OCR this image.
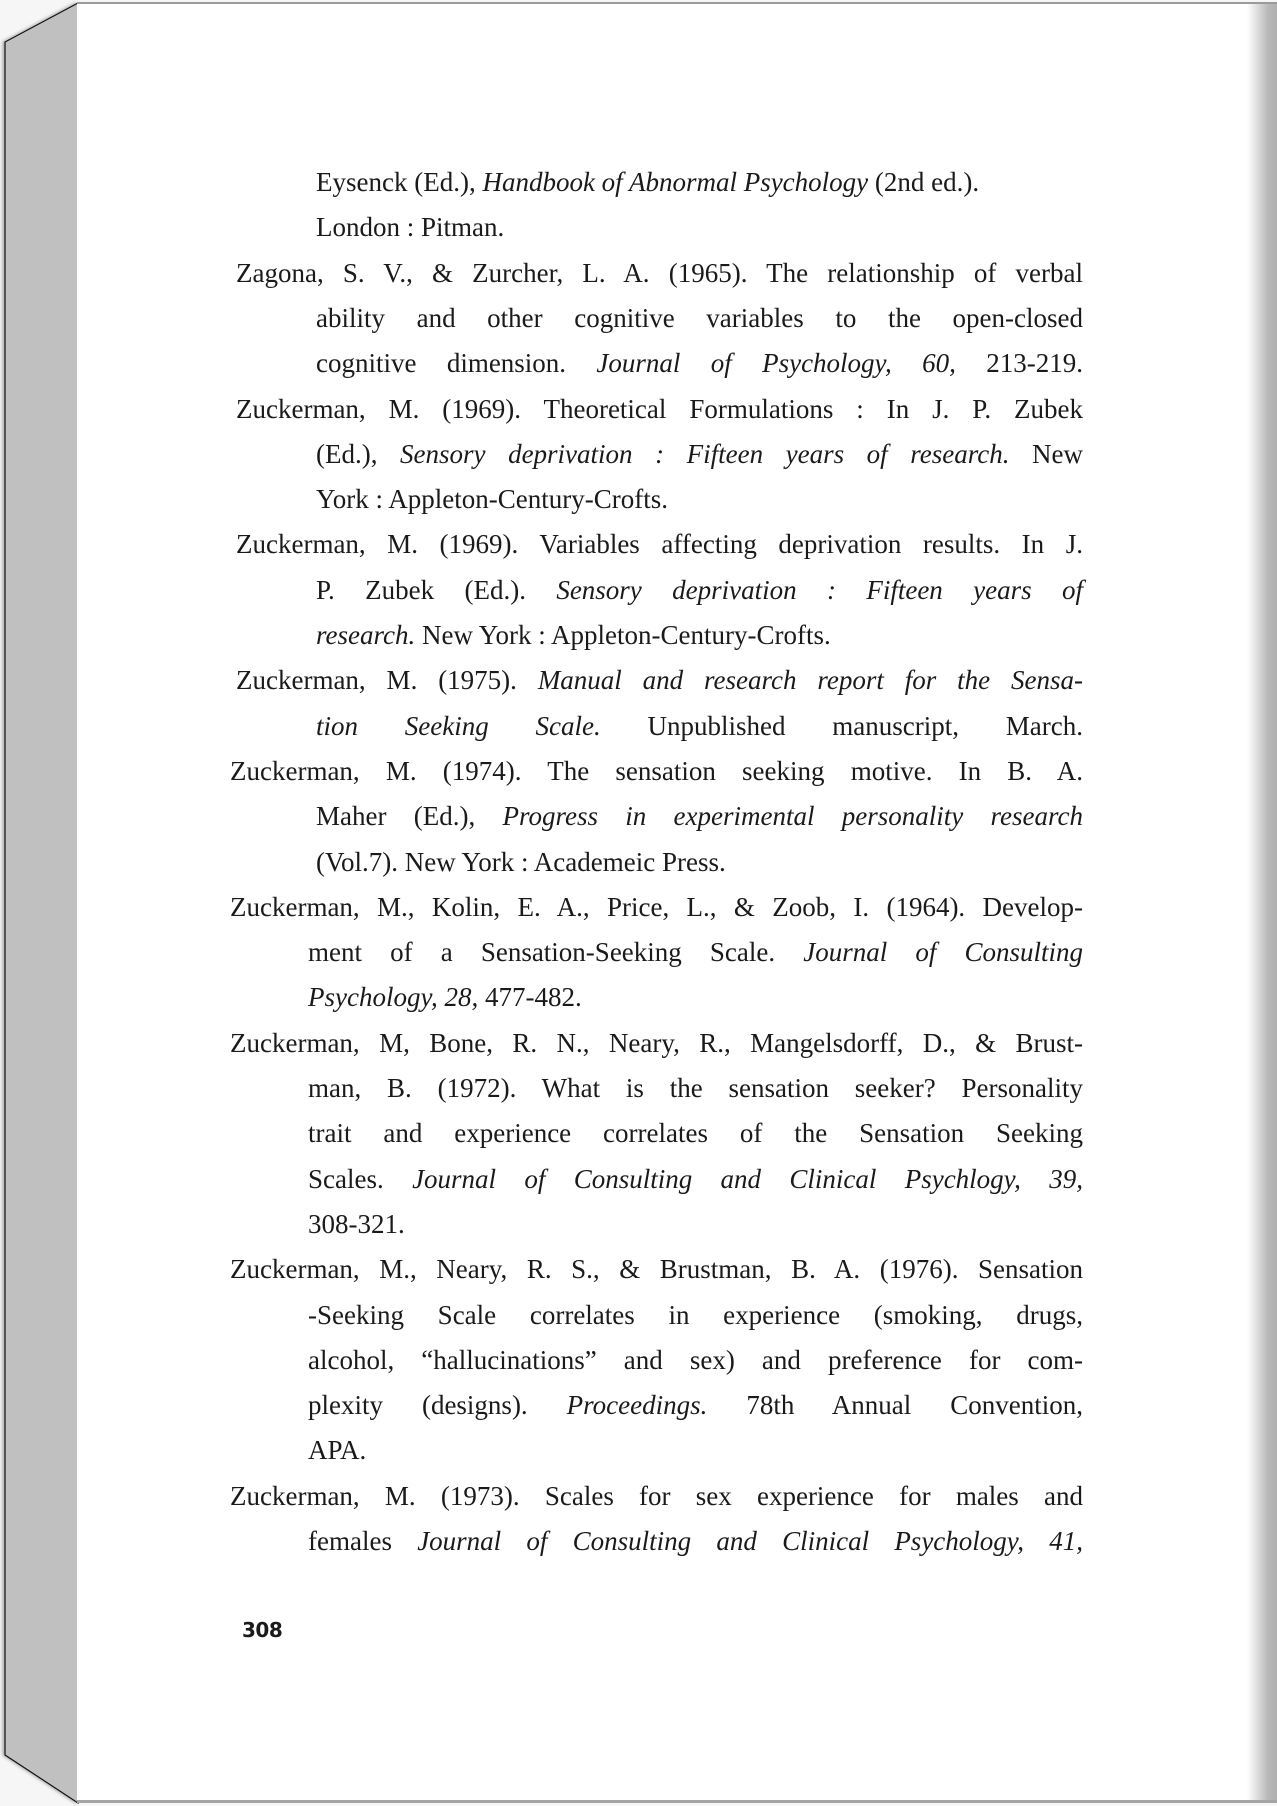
Eysenck (Ed.), Handbook of Abnormal Psychology (2nd ed.).
London : Pitman.
Zagona, S. V., & Zurcher, L. A. (1965). The relationship of verbal
ability and other cognitive variables to the open-closed
cognitive dimension. Journal of Psychology, 60, 213-219.
Zuckerman, M. (1969). Theoretical Formulations : In J. P. Zubek
(Ed.), Sensory deprivation : Fifteen years of research. New
York : Appleton-Century-Crofts.
Zuckerman, M. (1969). Variables affecting deprivation results. In J.
P. Zubek (Ed.). Sensory deprivation : Fifteen years of
research. New York : Appleton-Century-Crofts.
Zuckerman, M. (1975). Manual and research report for the Sensa-
tion Seeking Scale. Unpublished manuscript, March.
Zuckerman, M. (1974). The sensation seeking motive. In B. A.
Maher (Ed.), Progress in experimental personality research
(Vol.7). New York : Academeic Press.
Zuckerman, M., Kolin, E. A., Price, L., & Zoob, I. (1964). Develop-
ment of a Sensation-Seeking Scale. Journal of Consulting
Psychology, 28, 477-482.
Zuckerman, M, Bone, R. N., Neary, R., Mangelsdorff, D., & Brust-
man, B. (1972). What is the sensation seeker? Personality
trait and experience correlates of the Sensation Seeking
Scales. Journal of Consulting and Clinical Psychlogy, 39,
308-321.
Zuckerman, M., Neary, R. S., & Brustman, B. A. (1976). Sensation
-Seeking Scale correlates in experience (smoking, drugs,
alcohol, “hallucinations” and sex) and preference for com-
plexity (designs). Proceedings. 78th Annual Convention,
APA.
Zuckerman, M. (1973). Scales for sex experience for males and
females Journal of Consulting and Clinical Psychology, 41,
308
